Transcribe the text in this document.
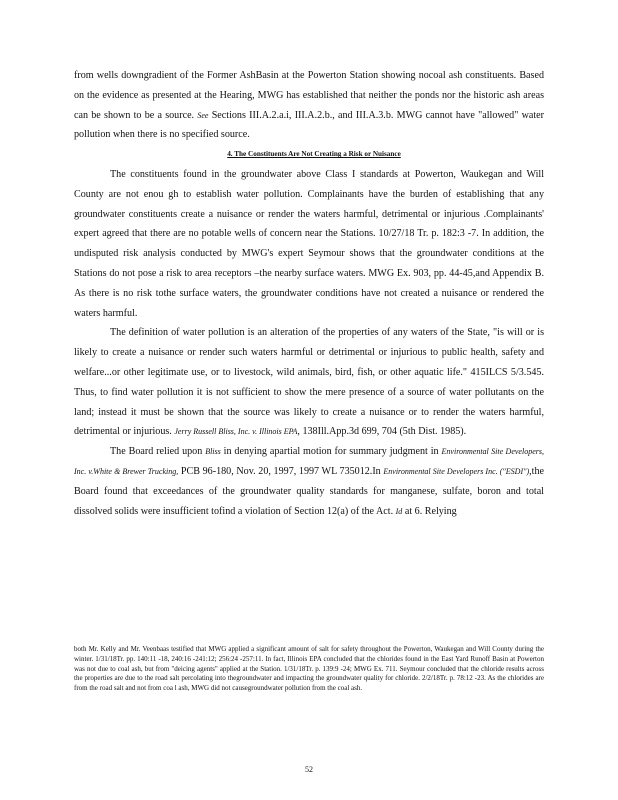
from wells downgradient of the Former AshBasin at the Powerton Station showing nocoal ash constituents. Based on the evidence as presented at the Hearing, MWG has established that neither the ponds nor the historic ash areas can be shown to be a source. See Sections III.A.2.a.i, III.A.2.b., and III.A.3.b. MWG cannot have "allowed" water pollution when there is no specified source.

4. The Constituents Are Not Creating a Risk or Nuisance

The constituents found in the groundwater above Class I standards at Powerton, Waukegan and Will County are not enou gh to establish water pollution. Complainants have the burden of establishing that any groundwater constituents create a nuisance or render the waters harmful, detrimental or injurious .Complainants' expert agreed that there are no potable wells of concern near the Stations. 10/27/18 Tr. p. 182:3 -7. In addition, the undisputed risk analysis conducted by MWG's expert Seymour shows that the groundwater conditions at the Stations do not pose a risk to area receptors –the nearby surface waters. MWG Ex. 903, pp. 44-45,and Appendix B. As there is no risk tothe surface waters, the groundwater conditions have not created a nuisance or rendered the waters harmful.

The definition of water pollution is an alteration of the properties of any waters of the State, "is will or is likely to create a nuisance or render such waters harmful or detrimental or injurious to public health, safety and welfare...or other legitimate use, or to livestock, wild animals, bird, fish, or other aquatic life." 415ILCS 5/3.545. Thus, to find water pollution it is not sufficient to show the mere presence of a source of water pollutants on the land; instead it must be shown that the source was likely to create a nuisance or to render the waters harmful, detrimental or injurious. Jerry Russell Bliss, Inc. v. Illinois EPA, 138Ill.App.3d 699, 704 (5th Dist. 1985).

The Board relied upon Bliss in denying apartial motion for summary judgment in Environmental Site Developers, Inc. v.White & Brewer Trucking, PCB 96-180, Nov. 20, 1997, 1997 WL 735012.In Environmental Site Developers Inc. ("ESDI"),the Board found that exceedances of the groundwater quality standards for manganese, sulfate, boron and total dissolved solids were insufficient tofind a violation of Section 12(a) of the Act. Id at 6. Relying

both Mr. Kelly and Mr. Veenbaas testified that MWG applied a significant amount of salt for safety throughout the Powerton, Waukegan and Will County during the winter. 1/31/18Tr. pp. 140:11 -18, 240:16 -241:12; 256:24 -257:11. In fact, Illinois EPA concluded that the chlorides found in the East Yard Runoff Basin at Powerton was not due to coal ash, but from "deicing agents" applied at the Station. 1/31/18Tr. p. 139:9 -24; MWG Ex. 711. Seymour concluded that the chloride results across the properties are due to the road salt percolating into thegroundwater and impacting the groundwater quality for chloride. 2/2/18Tr. p. 78:12 -23. As the chlorides are from the road salt and not from coa l ash, MWG did not causegroundwater pollution from the coal ash.

52
